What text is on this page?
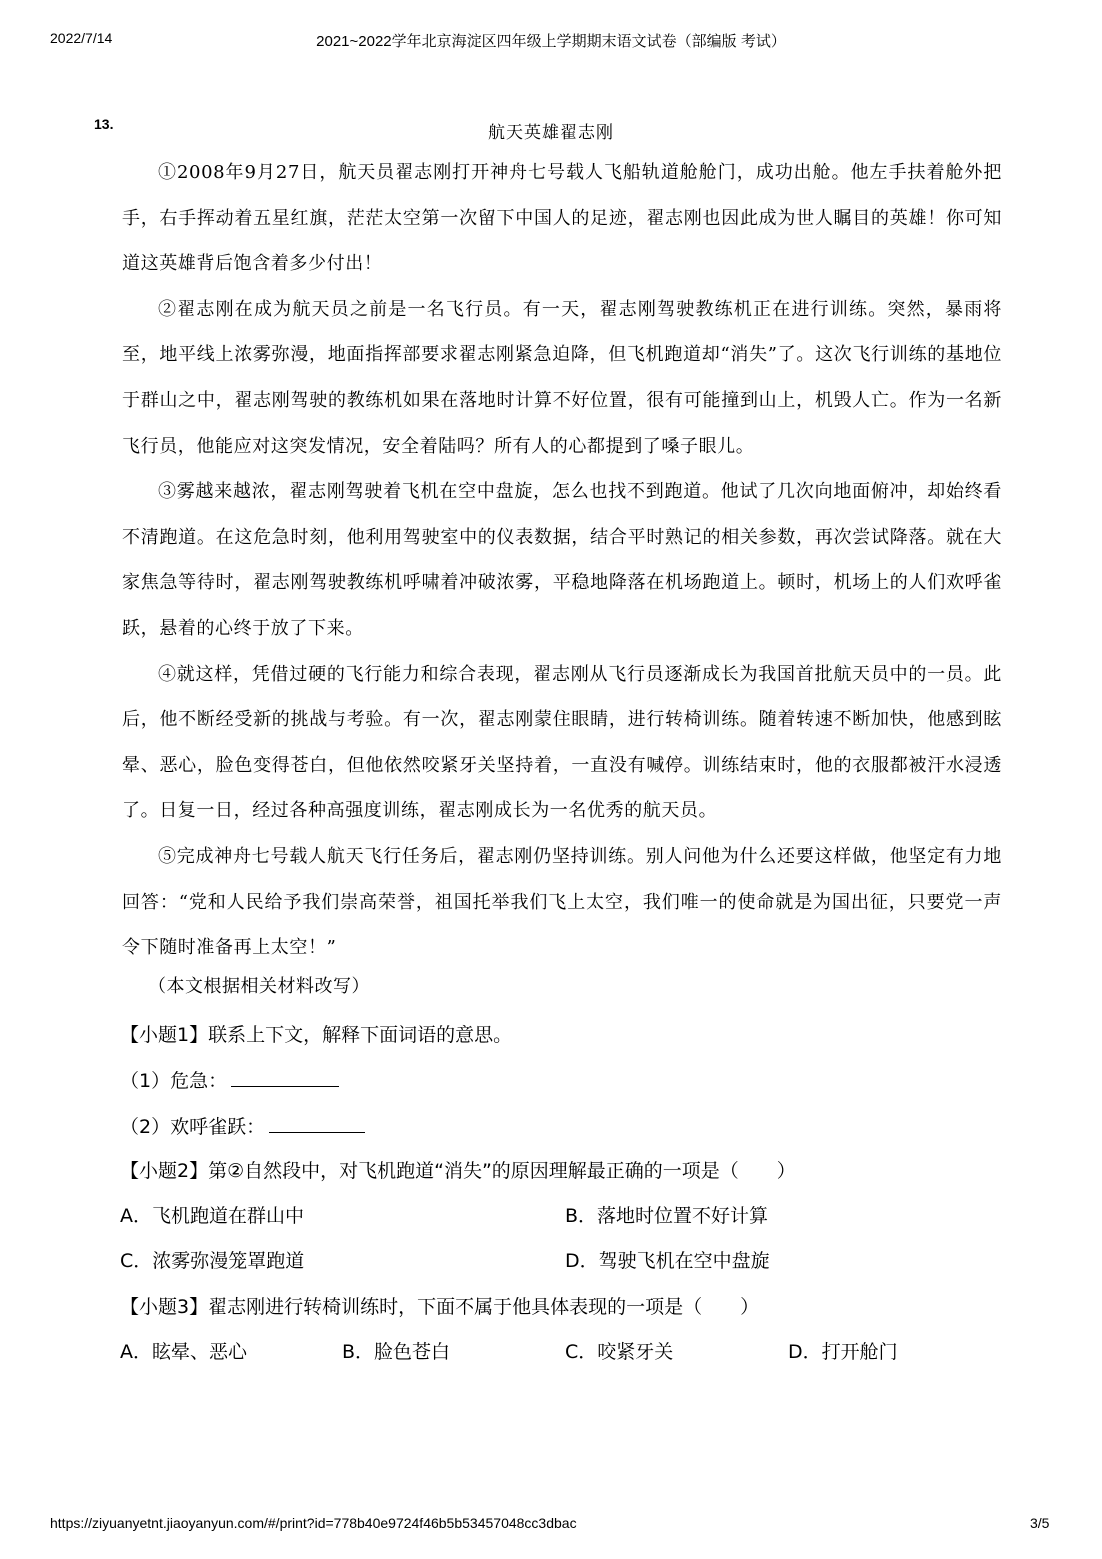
2022/7/14	2021~2022学年北京海淀区四年级上学期期末语文试卷（部编版 考试）
13.	航天英雄翟志刚

①2008年9月27日，航天员翟志刚打开神舟七号载人飞船轨道舱舱门，成功出舱。他左手扶着舱外把手，右手挥动着五星红旗，茫茫太空第一次留下中国人的足迹，翟志刚也因此成为世人瞩目的英雄！你可知道这英雄背后饱含着多少付出！

②翟志刚在成为航天员之前是一名飞行员。有一天，翟志刚驾驶教练机正在进行训练。突然，暴雨将至，地平线上浓雾弥漫，地面指挥部要求翟志刚紧急迫降，但飞机跑道却“消失”了。这次飞行训练的基地位于群山之中，翟志刚驾驶的教练机如果在落地时计算不好位置，很有可能撞到山上，机毁人亡。作为一名新飞行员，他能应对这突发情况，安全着陆吗？所有人的心都提到了嗓子眼儿。

③雾越来越浓，翟志刚驾驶着飞机在空中盘旋，怎么也找不到跑道。他试了几次向地面俯冲，却始终看不清跑道。在这危急时刻，他利用驾驶室中的仪表数据，结合平时熟记的相关参数，再次尝试降落。就在大家焦急等待时，翟志刚驾驶教练机呼啸着冲破浓雾，平稳地降落在机场跑道上。顿时，机场上的人们欢呼雀跃，悬着的心终于放了下来。

④就这样，凭借过硬的飞行能力和综合表现，翟志刚从飞行员逐渐成长为我国首批航天员中的一员。此后，他不断经受新的挑战与考验。有一次，翟志刚蒙住眼睛，进行转椅训练。随着转速不断加快，他感到眩晕、恶心，脸色变得苍白，但他依然咬紧牙关坚持着，一直没有喊停。训练结束时，他的衣服都被汗水浸透了。日复一日，经过各种高强度训练，翟志刚成长为一名优秀的航天员。

⑤完成神舟七号载人航天飞行任务后，翟志刚仍坚持训练。别人问他为什么还要这样做，他坚定有力地回答：“党和人民给予我们崇高荣誉，祖国托举我们飞上太空，我们唯一的使命就是为国出征，只要党一声令下随时准备再上太空！”

（本文根据相关材料改写）
【小题1】联系上下文，解释下面词语的意思。
（1）危急：
（2）欢呼雀跃：
【小题2】第②自然段中，对飞机跑道“消失”的原因理解最正确的一项是（　　）
A．飞机跑道在群山中	B．落地时位置不好计算
C．浓雾弥漫笼罩跑道	D．驾驶飞机在空中盘旋
【小题3】翟志刚进行转椅训练时，下面不属于他具体表现的一项是（　　）
A．眩晕、恶心	B．脸色苍白	C．咬紧牙关	D．打开舱门
https://ziyuanyetnt.jiaoyanyun.com/#/print?id=778b40e9724f46b5b53457048cc3dbac	3/5
